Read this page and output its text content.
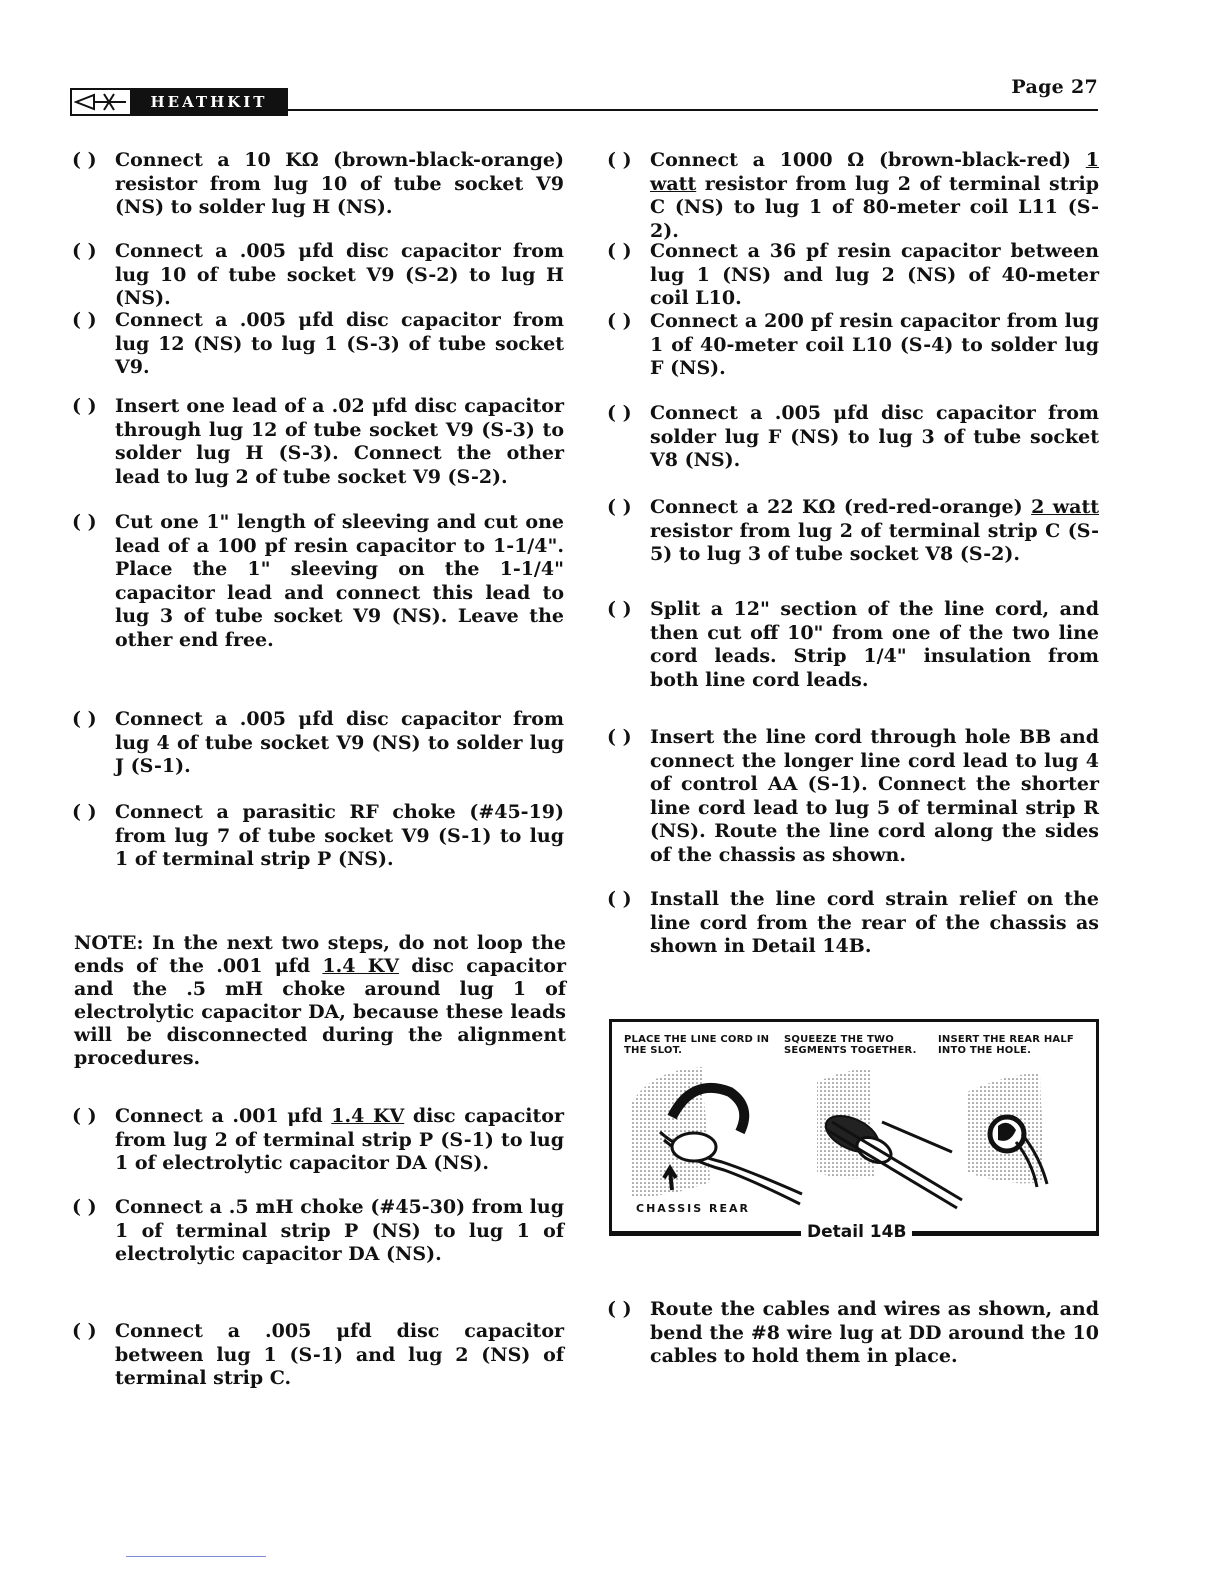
HEATHKIT
Page 27
( ) Connect a 10 KΩ (brown-black-orange) resistor from lug 10 of tube socket V9 (NS) to solder lug H (NS).
( ) Connect a .005 μfd disc capacitor from lug 10 of tube socket V9 (S-2) to lug H (NS).
( ) Connect a .005 μfd disc capacitor from lug 12 (NS) to lug 1 (S-3) of tube socket V9.
( ) Insert one lead of a .02 μfd disc capacitor through lug 12 of tube socket V9 (S-3) to solder lug H (S-3). Connect the other lead to lug 2 of tube socket V9 (S-2).
( ) Cut one 1" length of sleeving and cut one lead of a 100 pf resin capacitor to 1-1/4". Place the 1" sleeving on the 1-1/4" capacitor lead and connect this lead to lug 3 of tube socket V9 (NS). Leave the other end free.
( ) Connect a .005 μfd disc capacitor from lug 4 of tube socket V9 (NS) to solder lug J (S-1).
( ) Connect a parasitic RF choke (#45-19) from lug 7 of tube socket V9 (S-1) to lug 1 of terminal strip P (NS).
NOTE: In the next two steps, do not loop the ends of the .001 μfd 1.4 KV disc capacitor and the .5 mH choke around lug 1 of electrolytic capacitor DA, because these leads will be disconnected during the alignment procedures.
( ) Connect a .001 μfd 1.4 KV disc capacitor from lug 2 of terminal strip P (S-1) to lug 1 of electrolytic capacitor DA (NS).
( ) Connect a .5 mH choke (#45-30) from lug 1 of terminal strip P (NS) to lug 1 of electrolytic capacitor DA (NS).
( ) Connect a .005 μfd disc capacitor between lug 1 (S-1) and lug 2 (NS) of terminal strip C.
( ) Connect a 1000 Ω (brown-black-red) 1 watt resistor from lug 2 of terminal strip C (NS) to lug 1 of 80-meter coil L11 (S-2).
( ) Connect a 36 pf resin capacitor between lug 1 (NS) and lug 2 (NS) of 40-meter coil L10.
( ) Connect a 200 pf resin capacitor from lug 1 of 40-meter coil L10 (S-4) to solder lug F (NS).
( ) Connect a .005 μfd disc capacitor from solder lug F (NS) to lug 3 of tube socket V8 (NS).
( ) Connect a 22 KΩ (red-red-orange) 2 watt resistor from lug 2 of terminal strip C (S-5) to lug 3 of tube socket V8 (S-2).
( ) Split a 12" section of the line cord, and then cut off 10" from one of the two line cord leads. Strip 1/4" insulation from both line cord leads.
( ) Insert the line cord through hole BB and connect the longer line cord lead to lug 4 of control AA (S-1). Connect the shorter line cord lead to lug 5 of terminal strip R (NS). Route the line cord along the sides of the chassis as shown.
( ) Install the line cord strain relief on the line cord from the rear of the chassis as shown in Detail 14B.
PLACE THE LINE CORD IN THE SLOT.
SQUEEZE THE TWO SEGMENTS TOGETHER.
INSERT THE REAR HALF INTO THE HOLE.
CHASSIS REAR
Detail 14B
( ) Route the cables and wires as shown, and bend the #8 wire lug at DD around the 10 cables to hold them in place.
